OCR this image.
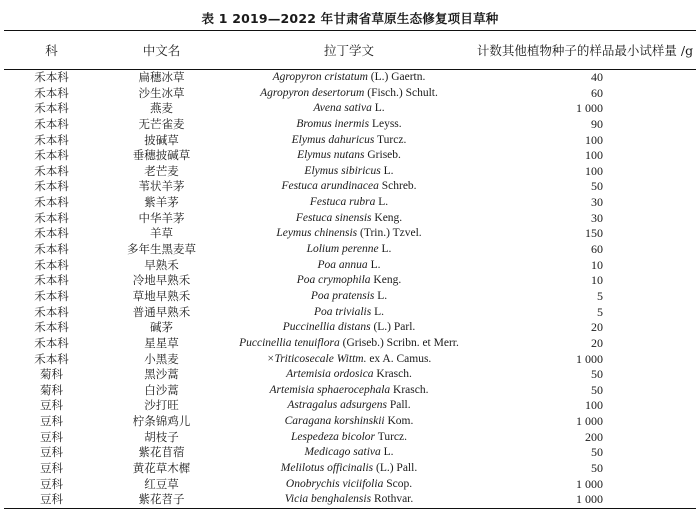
表 1 2019—2022 年甘肃省草原生态修复项目草种
科	中文名	拉丁学文	计数其他植物种子的样品最小试样量 /g
禾本科	扁穗冰草	Agropyron cristatum (L.) Gaertn.	40
禾本科	沙生冰草	Agropyron desertorum (Fisch.) Schult.	60
禾本科	燕麦	Avena sativa L.	1 000
禾本科	无芒雀麦	Bromus inermis Leyss.	90
禾本科	披碱草	Elymus dahuricus Turcz.	100
禾本科	垂穗披碱草	Elymus nutans Griseb.	100
禾本科	老芒麦	Elymus sibiricus L.	100
禾本科	苇状羊茅	Festuca arundinacea Schreb.	50
禾本科	紫羊茅	Festuca rubra L.	30
禾本科	中华羊茅	Festuca sinensis Keng.	30
禾本科	羊草	Leymus chinensis (Trin.) Tzvel.	150
禾本科	多年生黑麦草	Lolium perenne L.	60
禾本科	早熟禾	Poa annua L.	10
禾本科	冷地早熟禾	Poa crymophila Keng.	10
禾本科	草地早熟禾	Poa pratensis L.	5
禾本科	普通早熟禾	Poa trivialis L.	5
禾本科	碱茅	Puccinellia distans (L.) Parl.	20
禾本科	星星草	Puccinellia tenuiflora (Griseb.) Scribn. et Merr.	20
禾本科	小黑麦	×Triticosecale Wittm. ex A. Camus.	1 000
菊科	黑沙蒿	Artemisia ordosica Krasch.	50
菊科	白沙蒿	Artemisia sphaerocephala Krasch.	50
豆科	沙打旺	Astragalus adsurgens Pall.	100
豆科	柠条锦鸡儿	Caragana korshinskii Kom.	1 000
豆科	胡枝子	Lespedeza bicolor Turcz.	200
豆科	紫花苜蓿	Medicago sativa L.	50
豆科	黄花草木樨	Melilotus officinalis (L.) Pall.	50
豆科	红豆草	Onobrychis viciifolia Scop.	1 000
豆科	紫花苕子	Vicia benghalensis Rothvar.	1 000
